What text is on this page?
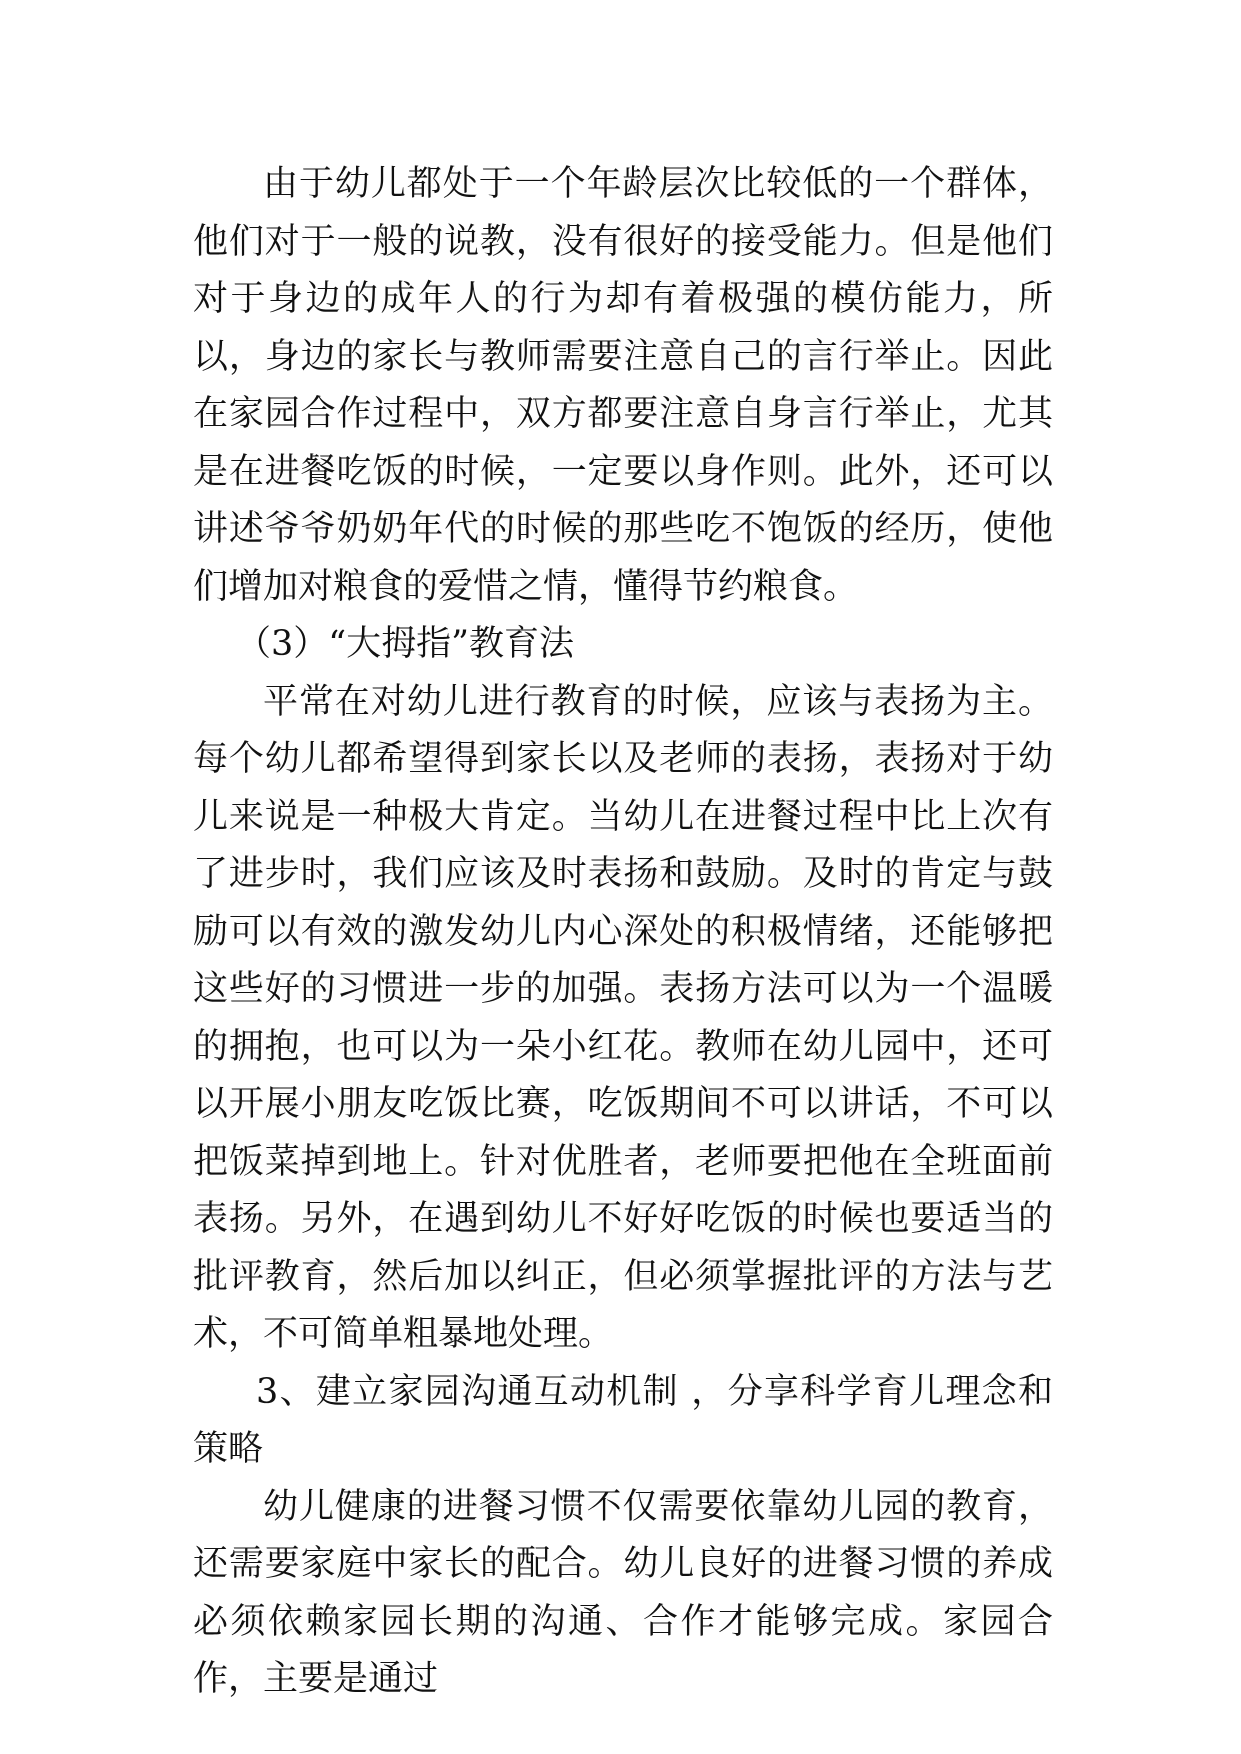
由于幼儿都处于一个年龄层次比较低的一个群体，他们对于一般的说教，没有很好的接受能力。但是他们对于身边的成年人的行为却有着极强的模仿能力，所以，身边的家长与教师需要注意自己的言行举止。因此在家园合作过程中，双方都要注意自身言行举止，尤其是在进餐吃饭的时候，一定要以身作则。此外，还可以讲述爷爷奶奶年代的时候的那些吃不饱饭的经历，使他们增加对粮食的爱惜之情，懂得节约粮食。

（3）“大拇指”教育法

平常在对幼儿进行教育的时候，应该与表扬为主。每个幼儿都希望得到家长以及老师的表扬，表扬对于幼儿来说是一种极大肯定。当幼儿在进餐过程中比上次有了进步时，我们应该及时表扬和鼓励。及时的肯定与鼓励可以有效的激发幼儿内心深处的积极情绪，还能够把这些好的习惯进一步的加强。表扬方法可以为一个温暖的拥抱，也可以为一朵小红花。教师在幼儿园中，还可以开展小朋友吃饭比赛，吃饭期间不可以讲话，不可以把饭菜掉到地上。针对优胜者，老师要把他在全班面前表扬。另外，在遇到幼儿不好好吃饭的时候也要适当的批评教育，然后加以纠正，但必须掌握批评的方法与艺术，不可简单粗暴地处理。

3、建立家园沟通互动机制 ，分享科学育儿理念和策略

幼儿健康的进餐习惯不仅需要依靠幼儿园的教育，还需要家庭中家长的配合。幼儿良好的进餐习惯的养成必须依赖家园长期的沟通、合作才能够完成。家园合作，主要是通过
